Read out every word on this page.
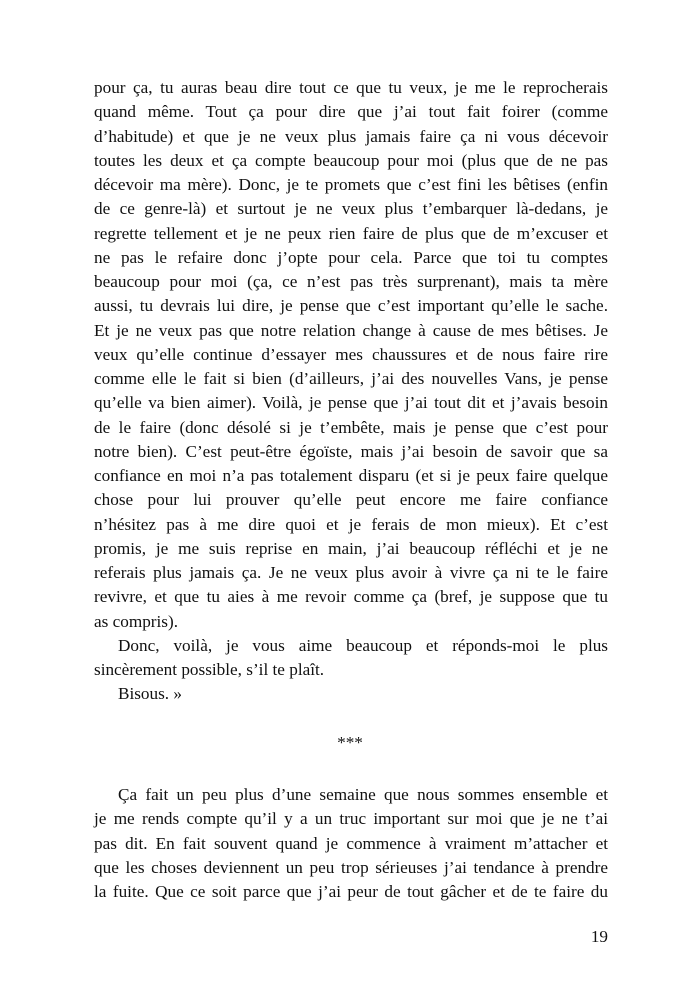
pour ça, tu auras beau dire tout ce que tu veux, je me le reprocherais
quand même. Tout ça pour dire que j’ai tout fait foirer (comme
d’habitude) et que je ne veux plus jamais faire ça ni vous décevoir
toutes les deux et ça compte beaucoup pour moi (plus que de ne pas
décevoir ma mère). Donc, je te promets que c’est fini les bêtises (enfin
de ce genre-là) et surtout je ne veux plus t’embarquer là-dedans, je
regrette tellement et je ne peux rien faire de plus que de m’excuser et
ne pas le refaire donc j’opte pour cela. Parce que toi tu comptes
beaucoup pour moi (ça, ce n’est pas très surprenant), mais ta mère
aussi, tu devrais lui dire, je pense que c’est important qu’elle le sache.
Et je ne veux pas que notre relation change à cause de mes bêtises. Je
veux qu’elle continue d’essayer mes chaussures et de nous faire rire
comme elle le fait si bien (d’ailleurs, j’ai des nouvelles Vans, je pense
qu’elle va bien aimer). Voilà, je pense que j’ai tout dit et j’avais besoin
de le faire (donc désolé si je t’embête, mais je pense que c’est pour
notre bien). C’est peut-être égoïste, mais j’ai besoin de savoir que sa
confiance en moi n’a pas totalement disparu (et si je peux faire quelque
chose pour lui prouver qu’elle peut encore me faire confiance
n’hésitez pas à me dire quoi et je ferais de mon mieux). Et c’est
promis, je me suis reprise en main, j’ai beaucoup réfléchi et je ne
referais plus jamais ça. Je ne veux plus avoir à vivre ça ni te le faire
revivre, et que tu aies à me revoir comme ça (bref, je suppose que tu
as compris).
Donc, voilà, je vous aime beaucoup et réponds-moi le plus
sincèrement possible, s’il te plaît.
Bisous. »
***
Ça fait un peu plus d’une semaine que nous sommes ensemble et
je me rends compte qu’il y a un truc important sur moi que je ne t’ai
pas dit. En fait souvent quand je commence à vraiment m’attacher et
que les choses deviennent un peu trop sérieuses j’ai tendance à prendre
la fuite. Que ce soit parce que j’ai peur de tout gâcher et de te faire du
19
